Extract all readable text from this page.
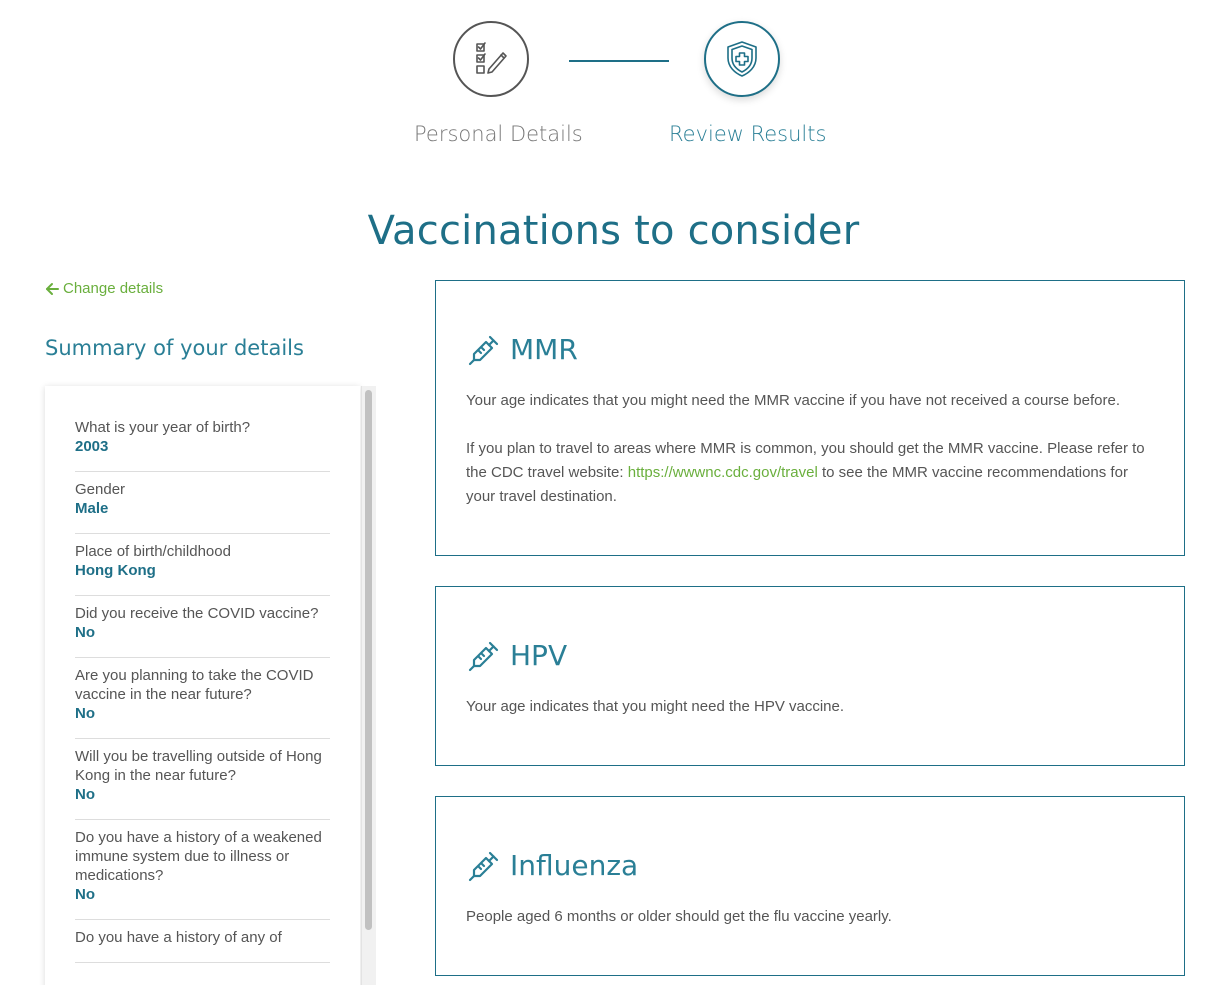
Personal Details	Review Results
Vaccinations to consider
Change details
Summary of your details
What is your year of birth?
2003
Gender
Male
Place of birth/childhood
Hong Kong
Did you receive the COVID vaccine?
No
Are you planning to take the COVID vaccine in the near future?
No
Will you be travelling outside of Hong Kong in the near future?
No
Do you have a history of a weakened immune system due to illness or medications?
No
Do you have a history of any of
MMR

Your age indicates that you might need the MMR vaccine if you have not received a course before.

If you plan to travel to areas where MMR is common, you should get the MMR vaccine. Please refer to the CDC travel website: https://wwwnc.cdc.gov/travel to see the MMR vaccine recommendations for your travel destination.

HPV

Your age indicates that you might need the HPV vaccine.

Influenza

People aged 6 months or older should get the flu vaccine yearly.
